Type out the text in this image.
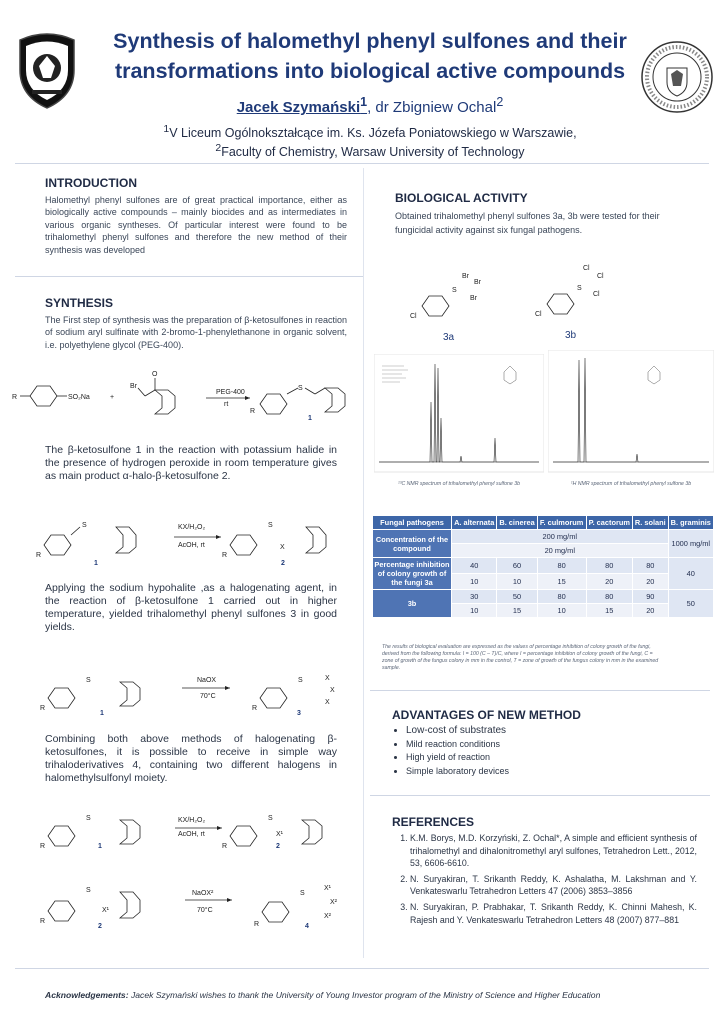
Synthesis of halomethyl phenyl sulfones and their
transformations into biological active compounds
Jacek Szymański$^1$, dr Zbigniew Ochal$^2$
$^1$V Liceum Ogólnokształcące im. Ks. Józefa Poniatowskiego w Warszawie,
$^2$Faculty of Chemistry, Warsaw University of Technology
INTRODUCTION
Halomethyl phenyl sulfones are of great practical importance, either as biologically active compounds – mainly biocides and as intermediates in various organic syntheses. Of particular interest were found to be trihalomethyl phenyl sulfones and therefore the new method of their synthesis was developed
SYNTHESIS
The First step of synthesis was the preparation of β-ketosulfones in reaction of sodium aryl sulfinate with 2-bromo-1-phenylethanone in organic solvent, i.e. polyethylene glycol (PEG-400).
R	SO₂Na	+
Br
O
PEG-400
rt
R
S
1
The β-ketosulfone 1 in the reaction with potassium halide in the presence of hydrogen peroxide in room temperature gives as main product α-halo-β-ketosulfone 2.
R
S
1
KX/H₂O₂
AcOH, rt
R
S
X
2
Applying the sodium hypohalite ,as a halogenating agent, in the reaction of β-ketosulfone 1 carried out in higher temperature, yielded trihalomethyl phenyl sulfones 3 in good yields.
R
S
1
NaOX
70°C
R
S	X
X
X
3
Combining both above methods of halogenating β-ketosulfones, it is possible to receive in simple way trihaloderivatives 4, containing two different halogens in halomethylsulfonyl moiety.
R
S
1
KX/H₂O₂
AcOH, rt
R
S
X¹
2
R
S
X¹
2
NaOX²
70°C
R
S
X¹
X²
X²
4
BIOLOGICAL ACTIVITY
Obtained trihalomethyl phenyl sulfones 3a, 3b were tested for their fungicidal activity against six fungal pathogens.
Cl
S
Br
Br
Br
3a
Cl
S
Cl
Cl
Cl
3b
¹³C NMR spectrum of trihalomethyl phenyl sulfone 3b	¹H NMR spectrum of trihalomethyl phenyl sulfone 3b
Fungal pathogens	A. alternata	B. cinerea	F. culmorum	P. cactorum	R. solani	B. graminis
Concentration of the compound	200 mg/ml					1000 mg/ml
	20 mg/ml					
Percentage inhibition of colony growth of the fungi 3a	40	60	80	80	80	40
	10	10	15	20	20	
3b	30	50	80	80	90	50
	10	15	10	15	20	
The results of biological evaluation are expressed as the values of percentage inhibition of colony growth of the fungi, derived from the following formula: I = 100 (C – T)/C, where I = percentage inhibition of colony growth of the fungi, C = zone of growth of the fungus colony in mm in the control, T = zone of growth of the fungus colony in mm in the examined sample.
ADVANTAGES OF NEW METHOD
• Low-cost of substrates
• Mild reaction conditions
• High yield of reaction
• Simple laboratory devices
REFERENCES
1. K.M. Borys, M.D. Korzyński, Z. Ochal*, A simple and efficient synthesis of trihalomethyl and dihalonitromethyl aryl sulfones, Tetrahedron Lett., 2012, 53, 6606-6610.
2. N. Suryakiran, T. Srikanth Reddy, K. Ashalatha, M. Lakshman and Y. Venkateswarlu Tetrahedron Letters 47 (2006) 3853–3856
3. N. Suryakiran, P. Prabhakar, T. Srikanth Reddy, K. Chinni Mahesh, K. Rajesh and Y. Venkateswarlu Tetrahedron Letters 48 (2007) 877–881
Acknowledgements: Jacek Szymański wishes to thank the University of Young Investor program of the Ministry of Science and Higher Education
